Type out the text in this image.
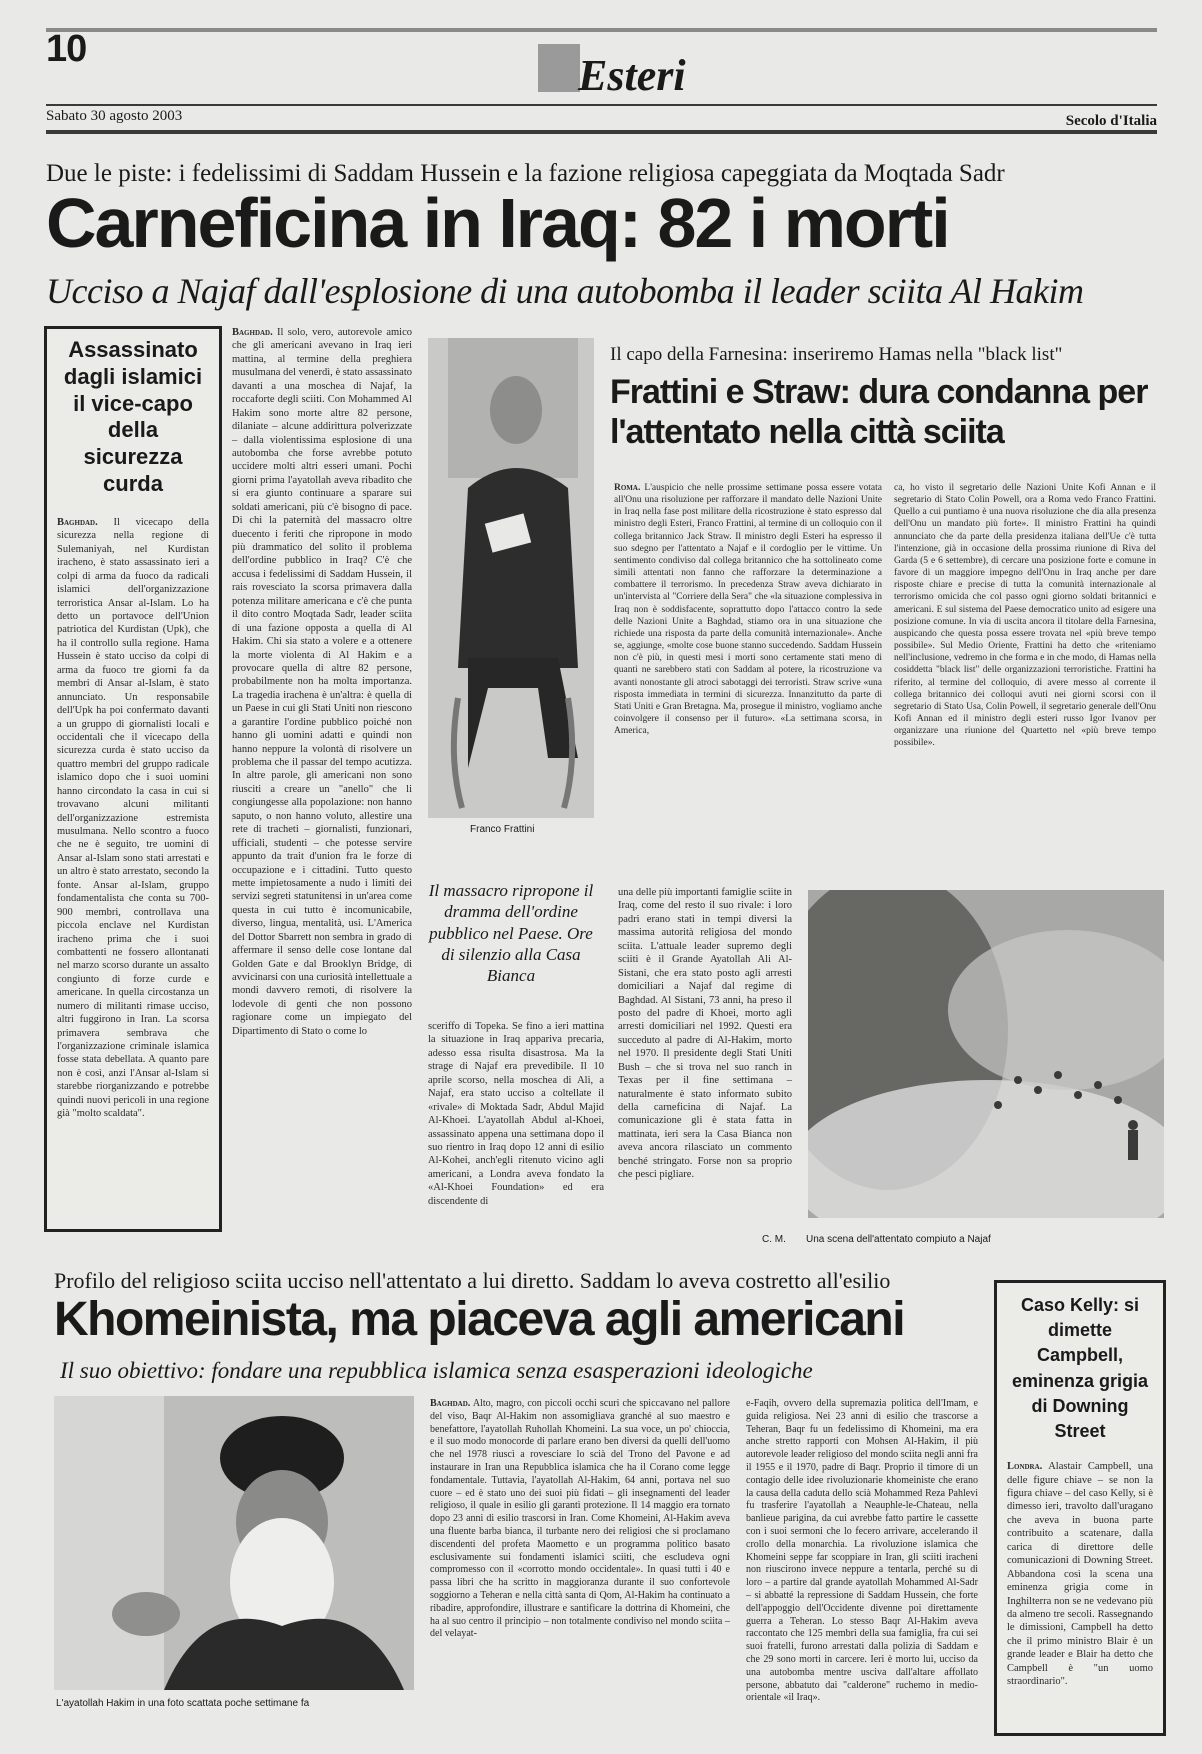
10
Esteri
Sabato 30 agosto 2003	Secolo d'Italia
Due le piste: i fedelissimi di Saddam Hussein e la fazione religiosa capeggiata da Moqtada Sadr
Carneficina in Iraq: 82 i morti
Ucciso a Najaf dall'esplosione di una autobomba il leader sciita Al Hakim
Assassinato dagli islamici il vice-capo della sicurezza curda
Baghdad. Il vicecapo della sicurezza nella regione di Sulemaniyah, nel Kurdistan iracheno, è stato assassinato ieri a colpi di arma da fuoco da radicali islamici dell'organizzazione terroristica Ansar al-Islam. Lo ha detto un portavoce dell'Union patriotica del Kurdistan (Upk), che ha il controllo sulla regione. Hama Hussein è stato ucciso da colpi di arma da fuoco tre giorni fa da membri di Ansar al-Islam, è stato annunciato. Un responsabile dell'Upk ha poi confermato davanti a un gruppo di giornalisti locali e occidentali che il vicecapo della sicurezza curda è stato ucciso da quattro membri del gruppo radicale islamico dopo che i suoi uomini hanno circondato la casa in cui si trovavano alcuni militanti dell'organizzazione estremista musulmana. Nello scontro a fuoco che ne è seguito, tre uomini di Ansar al-Islam sono stati arrestati e un altro è stato arrestato, secondo la fonte. Ansar al-Islam, gruppo fondamentalista che conta su 700-900 membri, controllava una piccola enclave nel Kurdistan iracheno prima che i suoi combattenti ne fossero allontanati nel marzo scorso durante un assalto congiunto di forze curde e americane. In quella circostanza un numero di militanti rimase ucciso, altri fuggirono in Iran. La scorsa primavera sembrava che l'organizzazione criminale islamica fosse stata debellata. A quanto pare non è così, anzi l'Ansar al-Islam si starebbe riorganizzando e potrebbe quindi nuovi pericoli in una regione già "molto scaldata".
Baghdad. Il solo, vero, autorevole amico che gli americani avevano in Iraq ieri mattina, al termine della preghiera musulmana del venerdì, è stato assassinato davanti a una moschea di Najaf, la roccaforte degli sciiti. Con Mohammed Al Hakim sono morte altre 82 persone, dilaniate – alcune addirittura polverizzate – dalla violentissima esplosione di una autobomba che forse avrebbe potuto uccidere molti altri esseri umani. Pochi giorni prima l'ayatollah aveva ribadito che si era giunto continuare a sparare sui soldati americani, più c'è bisogno di pace. Di chi la paternità del massacro oltre duecento i feriti che ripropone in modo più drammatico del solito il problema dell'ordine pubblico in Iraq? C'è che accusa i fedelissimi di Saddam Hussein, il rais rovesciato la scorsa primavera dalla potenza militare americana e c'è che punta il dito contro Moqtada Sadr, leader sciita di una fazione opposta a quella di Al Hakim. Chi sia stato a volere e a ottenere la morte violenta di Al Hakim e a provocare quella di altre 82 persone, probabilmente non ha molta importanza. La tragedia irachena è un'altra: è quella di un Paese in cui gli Stati Uniti non riescono a garantire l'ordine pubblico poiché non hanno gli uomini adatti e quindi non hanno neppure la volontà di risolvere un problema che il passar del tempo acutizza. In altre parole, gli americani non sono riusciti a creare un "anello" che li congiungesse alla popolazione: non hanno saputo, o non hanno voluto, allestire una rete di tracheti – giornalisti, funzionari, ufficiali, studenti – che potesse servire appunto da trait d'union fra le forze di occupazione e i cittadini. Tutto questo mette impietosamente a nudo i limiti dei servizi segreti statunitensi in un'area come questa in cui tutto è incomunicabile, diverso, lingua, mentalità, usi. L'America del Dottor Sbarrett non sembra in grado di affermare il senso delle cose lontane dal Golden Gate e dal Brooklyn Bridge, di avvicinarsi con una curiosità intellettuale a mondi davvero remoti, di risolvere la lodevole di genti che non possono ragionare come un impiegato del Dipartimento di Stato o come lo
Franco Frattini
Il capo della Farnesina: inseriremo Hamas nella "black list"
Frattini e Straw: dura condanna per l'attentato nella città sciita
Roma. L'auspicio che nelle prossime settimane possa essere votata all'Onu una risoluzione per rafforzare il mandato delle Nazioni Unite in Iraq nella fase post militare della ricostruzione è stato espresso dal ministro degli Esteri, Franco Frattini, al termine di un colloquio con il collega britannico Jack Straw. Il ministro degli Esteri ha espresso il suo sdegno per l'attentato a Najaf e il cordoglio per le vittime. Un sentimento condiviso dal collega britannico che ha sottolineato come simili attentati non fanno che rafforzare la determinazione a combattere il terrorismo. In precedenza Straw aveva dichiarato in un'intervista al "Corriere della Sera" che «la situazione complessiva in Iraq non è soddisfacente, soprattutto dopo l'attacco contro la sede delle Nazioni Unite a Baghdad, stiamo ora in una situazione che richiede una risposta da parte della comunità internazionale». Anche se, aggiunge, «molte cose buone stanno succedendo. Saddam Hussein non c'è più, in questi mesi i morti sono certamente stati meno di quanti ne sarebbero stati con Saddam al potere, la ricostruzione va avanti nonostante gli atroci sabotaggi dei terroristi. Straw scrive «una risposta immediata in termini di sicurezza. Innanzitutto da parte di Stati Uniti e Gran Bretagna. Ma, prosegue il ministro, vogliamo anche coinvolgere il consenso per il futuro». «La settimana scorsa, in America,
ca, ho visto il segretario delle Nazioni Unite Kofi Annan e il segretario di Stato Colin Powell, ora a Roma vedo Franco Frattini. Quello a cui puntiamo è una nuova risoluzione che dia alla presenza dell'Onu un mandato più forte». Il ministro Frattini ha quindi annunciato che da parte della presidenza italiana dell'Ue c'è tutta l'intenzione, già in occasione della prossima riunione di Riva del Garda (5 e 6 settembre), di cercare una posizione forte e comune in favore di un maggiore impegno dell'Onu in Iraq anche per dare risposte chiare e precise di tutta la comunità internazionale al terrorismo omicida che col passo ogni giorno soldati britannici e americani. E sul sistema del Paese democratico unito ad esigere una posizione comune. In via di uscita ancora il titolare della Farnesina, auspicando che questa possa essere trovata nel «più breve tempo possibile». Sul Medio Oriente, Frattini ha detto che «riteniamo nell'inclusione, vedremo in che forma e in che modo, di Hamas nella cosiddetta "black list" delle organizzazioni terroristiche. Frattini ha riferito, al termine del colloquio, di avere messo al corrente il collega britannico dei colloqui avuti nei giorni scorsi con il segretario di Stato Usa, Colin Powell, il segretario generale dell'Onu Kofi Annan ed il ministro degli esteri russo Igor Ivanov per organizzare una riunione del Quartetto nel «più breve tempo possibile».
Il massacro ripropone il dramma dell'ordine pubblico nel Paese. Ore di silenzio alla Casa Bianca
sceriffo di Topeka. Se fino a ieri mattina la situazione in Iraq appariva precaria, adesso essa risulta disastrosa. Ma la strage di Najaf era prevedibile. Il 10 aprile scorso, nella moschea di Ali, a Najaf, era stato ucciso a coltellate il «rivale» di Moktada Sadr, Abdul Majid Al-Khoei. L'ayatollah Abdul al-Khoei, assassinato appena una settimana dopo il suo rientro in Iraq dopo 12 anni di esilio Al-Kohei, anch'egli ritenuto vicino agli americani, a Londra aveva fondato la «Al-Khoei Foundation» ed era discendente di
una delle più importanti famiglie sciite in Iraq, come del resto il suo rivale: i loro padri erano stati in tempi diversi la massima autorità religiosa del mondo sciita. L'attuale leader supremo degli sciiti è il Grande Ayatollah Ali Al-Sistani, che era stato posto agli arresti domiciliari a Najaf dal regime di Baghdad. Al Sistani, 73 anni, ha preso il posto del padre di Khoei, morto agli arresti domiciliari nel 1992. Questi era succeduto al padre di Al-Hakim, morto nel 1970. Il presidente degli Stati Uniti Bush – che si trova nel suo ranch in Texas per il fine settimana – naturalmente è stato informato subito della carneficina di Najaf. La comunicazione gli è stata fatta in mattinata, ieri sera la Casa Bianca non aveva ancora rilasciato un commento benché stringato. Forse non sa proprio che pesci pigliare.
C. M. Una scena dell'attentato compiuto a Najaf
Profilo del religioso sciita ucciso nell'attentato a lui diretto. Saddam lo aveva costretto all'esilio
Khomeinista, ma piaceva agli americani
Il suo obiettivo: fondare una repubblica islamica senza esasperazioni ideologiche
L'ayatollah Hakim in una foto scattata poche settimane fa
Baghdad. Alto, magro, con piccoli occhi scuri che spiccavano nel pallore del viso, Baqr Al-Hakim non assomigliava granché al suo maestro e benefattore, l'ayatollah Ruhollah Khomeini. La sua voce, un po' chioccia, e il suo modo monocorde di parlare erano ben diversi da quelli dell'uomo che nel 1978 riuscì a rovesciare lo scià del Trono del Pavone e ad instaurare in Iran una Repubblica islamica che ha il Corano come legge fondamentale. Tuttavia, l'ayatollah Al-Hakim, 64 anni, portava nel suo cuore – ed è stato uno dei suoi più fidati – gli insegnamenti del leader religioso, il quale in esilio gli garantì protezione. Il 14 maggio era tornato dopo 23 anni di esilio trascorsi in Iran. Come Khomeini, Al-Hakim aveva una fluente barba bianca, il turbante nero dei religiosi che si proclamano discendenti del profeta Maometto e un programma politico basato esclusivamente sui fondamenti islamici sciiti, che escludeva ogni compromesso con il «corrotto mondo occidentale». In quasi tutti i 40 e passa libri che ha scritto in maggioranza durante il suo confortevole soggiorno a Teheran e nella città santa di Qom, Al-Hakim ha continuato a ribadire, approfondire, illustrare e santificare la dottrina di Khomeini, che ha al suo centro il principio – non totalmente condiviso nel mondo sciita – del velayat-
e-Faqih, ovvero della supremazia politica dell'Imam, e guida religiosa. Nei 23 anni di esilio che trascorse a Teheran, Baqr fu un fedelissimo di Khomeini, ma era anche stretto rapporti con Mohsen Al-Hakim, il più autorevole leader religioso del mondo sciita negli anni fra il 1955 e il 1970, padre di Baqr. Proprio il timore di un contagio delle idee rivoluzionarie khomeiniste che erano la causa della caduta dello scià Mohammed Reza Pahlevi fu trasferire l'ayatollah a Neauphle-le-Chateau, nella banlieue parigina, da cui avrebbe fatto partire le cassette con i suoi sermoni che lo fecero arrivare, accelerando il crollo della monarchia. La rivoluzione islamica che Khomeini seppe far scoppiare in Iran, gli sciiti iracheni non riuscirono invece neppure a tentarla, perché su di loro – a partire dal grande ayatollah Mohammed Al-Sadr – si abbatté la repressione di Saddam Hussein, che forte dell'appoggio dell'Occidente divenne poi direttamente guerra a Teheran. Lo stesso Baqr Al-Hakim aveva raccontato che 125 membri della sua famiglia, fra cui sei suoi fratelli, furono arrestati dalla polizia di Saddam e che 29 sono morti in carcere. Ieri è morto lui, ucciso da una autobomba mentre usciva dall'altare affollato persone, abbatuto dai "calderone" ruchemo in medio-orientale «il Iraq».
Caso Kelly: si dimette Campbell, eminenza grigia di Downing Street
Londra. Alastair Campbell, una delle figure chiave – se non la figura chiave – del caso Kelly, si è dimesso ieri, travolto dall'uragano che aveva in buona parte contribuito a scatenare, dalla carica di direttore delle comunicazioni di Downing Street. Abbandona così la scena una eminenza grigia come in Inghilterra non se ne vedevano più da almeno tre secoli. Rassegnando le dimissioni, Campbell ha detto che il primo ministro Blair è un grande leader e Blair ha detto che Campbell è "un uomo straordinario".
